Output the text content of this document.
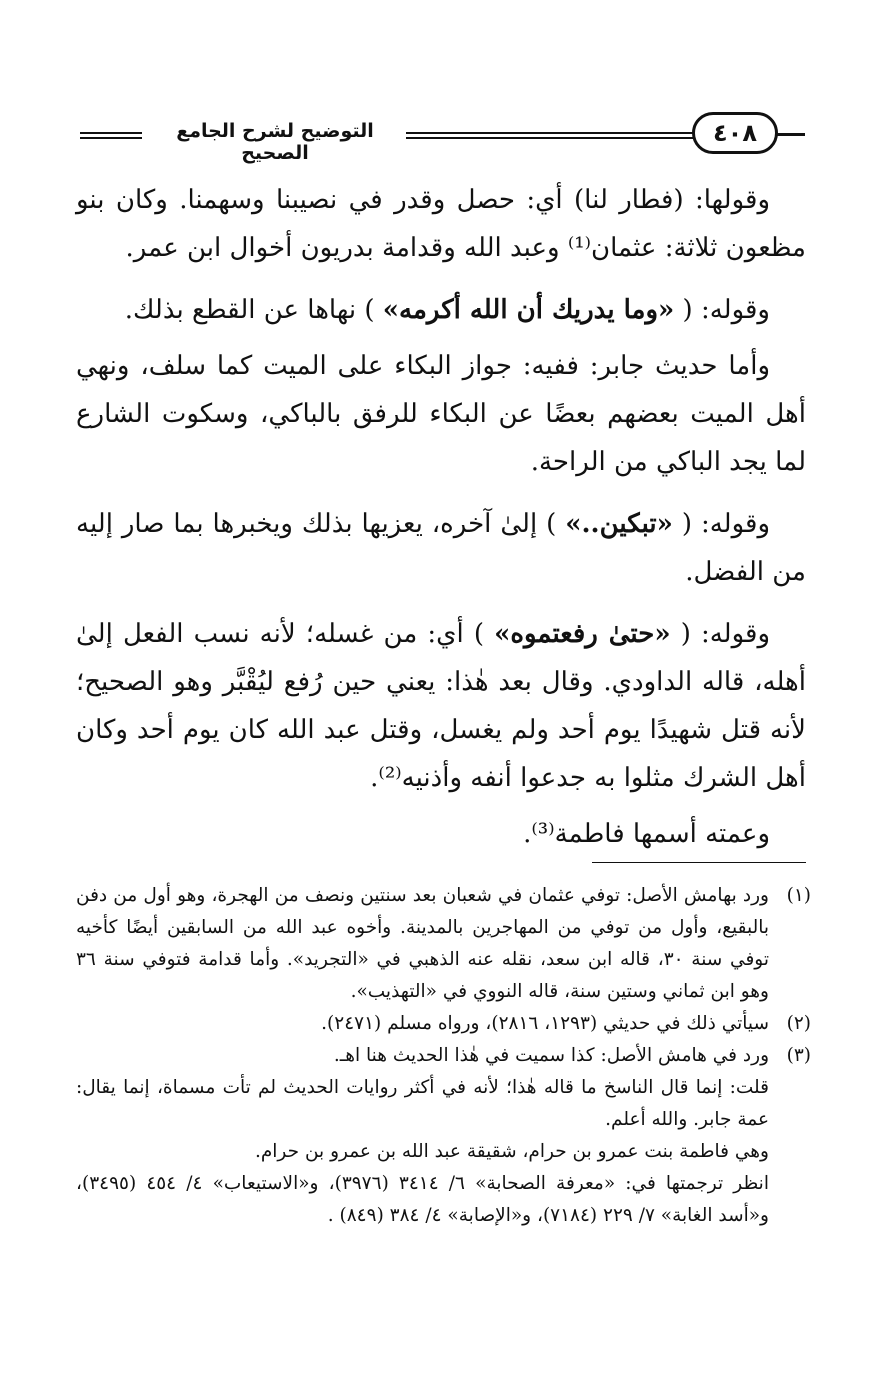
التوضيح لشرح الجامع الصحيح
٤٠٨

وقولها: (فطار لنا) أي: حصل وقدر في نصيبنا وسهمنا. وكان بنو مظعون ثلاثة: عثمان⁽¹⁾ وعبد الله وقدامة بدريون أخوال ابن عمر.

وقوله: ( «وما يدريك أن الله أكرمه» ) نهاها عن القطع بذلك.

وأما حديث جابر: ففيه: جواز البكاء على الميت كما سلف، ونهي أهل الميت بعضهم بعضًا عن البكاء للرفق بالباكي، وسكوت الشارع لما يجد الباكي من الراحة.

وقوله: ( «تبكين..» ) إلىٰ آخره، يعزيها بذلك ويخبرها بما صار إليه من الفضل.

وقوله: ( «حتىٰ رفعتموه» ) أي: من غسله؛ لأنه نسب الفعل إلىٰ أهله، قاله الداودي. وقال بعد هٰذا: يعني حين رُفع ليُقْبَّر وهو الصحيح؛ لأنه قتل شهيدًا يوم أحد ولم يغسل، وقتل عبد الله كان يوم أحد وكان أهل الشرك مثلوا به جدعوا أنفه وأذنيه⁽²⁾.

وعمته أسمها فاطمة⁽³⁾.

(١)

ورد بهامش الأصل: توفي عثمان في شعبان بعد سنتين ونصف من الهجرة، وهو أول من دفن بالبقيع، وأول من توفي من المهاجرين بالمدينة. وأخوه عبد الله من السابقين أيضًا كأخيه توفي سنة ٣٠، قاله ابن سعد، نقله عنه الذهبي في «التجريد». وأما قدامة فتوفي سنة ٣٦ وهو ابن ثماني وستين سنة، قاله النووي في «التهذيب».

(٢)

سيأتي ذلك في حديثي (١٢٩٣، ٢٨١٦)، ورواه مسلم (٢٤٧١).

(٣)

ورد في هامش الأصل: كذا سميت في هٰذا الحديث هنا اهـ.

قلت: إنما قال الناسخ ما قاله هٰذا؛ لأنه في أكثر روايات الحديث لم تأت مسماة، إنما يقال: عمة جابر. والله أعلم.

وهي فاطمة بنت عمرو بن حرام، شقيقة عبد الله بن عمرو بن حرام.

انظر ترجمتها في: «معرفة الصحابة» ٦/ ٣٤١٤ (٣٩٧٦)، و«الاستيعاب» ٤/ ٤٥٤ (٣٤٩٥)، و«أسد الغابة» ٧/ ٢٢٩ (٧١٨٤)، و«الإصابة» ٤/ ٣٨٤ (٨٤٩) .
